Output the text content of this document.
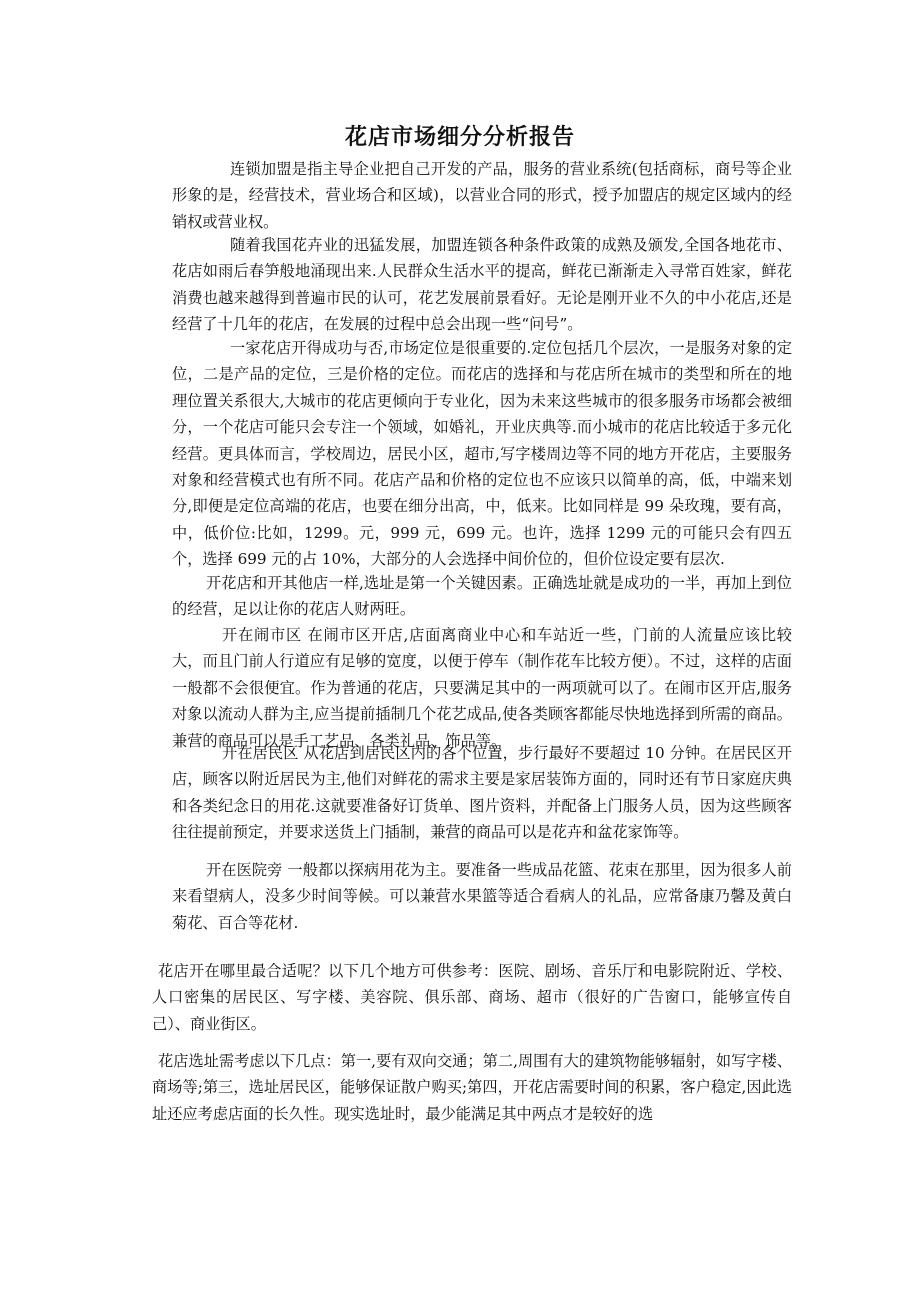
花店市场细分分析报告

连锁加盟是指主导企业把自己开发的产品，服务的营业系统(包括商标，商号等企业形象的是，经营技术，营业场合和区域)，以营业合同的形式，授予加盟店的规定区域内的经销权或营业权。

随着我国花卉业的迅猛发展，加盟连锁各种条件政策的成熟及颁发,全国各地花市、花店如雨后春笋般地涌现出来.人民群众生活水平的提高，鲜花已渐渐走入寻常百姓家，鲜花消费也越来越得到普遍市民的认可，花艺发展前景看好。无论是刚开业不久的中小花店,还是经营了十几年的花店，在发展的过程中总会出现一些“问号”。

一家花店开得成功与否,市场定位是很重要的.定位包括几个层次，一是服务对象的定位，二是产品的定位，三是价格的定位。而花店的选择和与花店所在城市的类型和所在的地理位置关系很大,大城市的花店更倾向于专业化，因为未来这些城市的很多服务市场都会被细分，一个花店可能只会专注一个领域，如婚礼，开业庆典等.而小城市的花店比较适于多元化经营。更具体而言，学校周边，居民小区，超市,写字楼周边等不同的地方开花店，主要服务对象和经营模式也有所不同。花店产品和价格的定位也不应该只以简单的高，低，中端来划分,即便是定位高端的花店，也要在细分出高，中，低来。比如同样是 99 朵玫瑰，要有高，中，低价位:比如，1299。元，999 元，699 元。也许，选择 1299 元的可能只会有四五个，选择 699 元的占 10%，大部分的人会选择中间价位的，但价位设定要有层次.

开花店和开其他店一样,选址是第一个关键因素。正确选址就是成功的一半，再加上到位的经营，足以让你的花店人财两旺。

开在闹市区 在闹市区开店,店面离商业中心和车站近一些，门前的人流量应该比较大，而且门前人行道应有足够的宽度，以便于停车（制作花车比较方便）。不过，这样的店面一般都不会很便宜。作为普通的花店，只要满足其中的一两项就可以了。在闹市区开店,服务对象以流动人群为主,应当提前插制几个花艺成品,使各类顾客都能尽快地选择到所需的商品。兼营的商品可以是手工艺品、各类礼品、饰品等。

开在居民区 从花店到居民区内的各个位置，步行最好不要超过 10 分钟。在居民区开店，顾客以附近居民为主,他们对鲜花的需求主要是家居装饰方面的，同时还有节日家庭庆典和各类纪念日的用花.这就要准备好订货单、图片资料，并配备上门服务人员，因为这些顾客往往提前预定，并要求送货上门插制，兼营的商品可以是花卉和盆花家饰等。

开在医院旁 一般都以探病用花为主。要准备一些成品花篮、花束在那里，因为很多人前来看望病人，没多少时间等候。可以兼营水果篮等适合看病人的礼品，应常备康乃馨及黄白菊花、百合等花材.

花店开在哪里最合适呢？以下几个地方可供参考：医院、剧场、音乐厅和电影院附近、学校、人口密集的居民区、写字楼、美容院、俱乐部、商场、超市（很好的广告窗口，能够宣传自己）、商业街区。

花店选址需考虑以下几点：第一,要有双向交通；第二,周围有大的建筑物能够辐射，如写字楼、商场等;第三，选址居民区，能够保证散户购买;第四，开花店需要时间的积累，客户稳定,因此选址还应考虑店面的长久性。现实选址时，最少能满足其中两点才是较好的选
